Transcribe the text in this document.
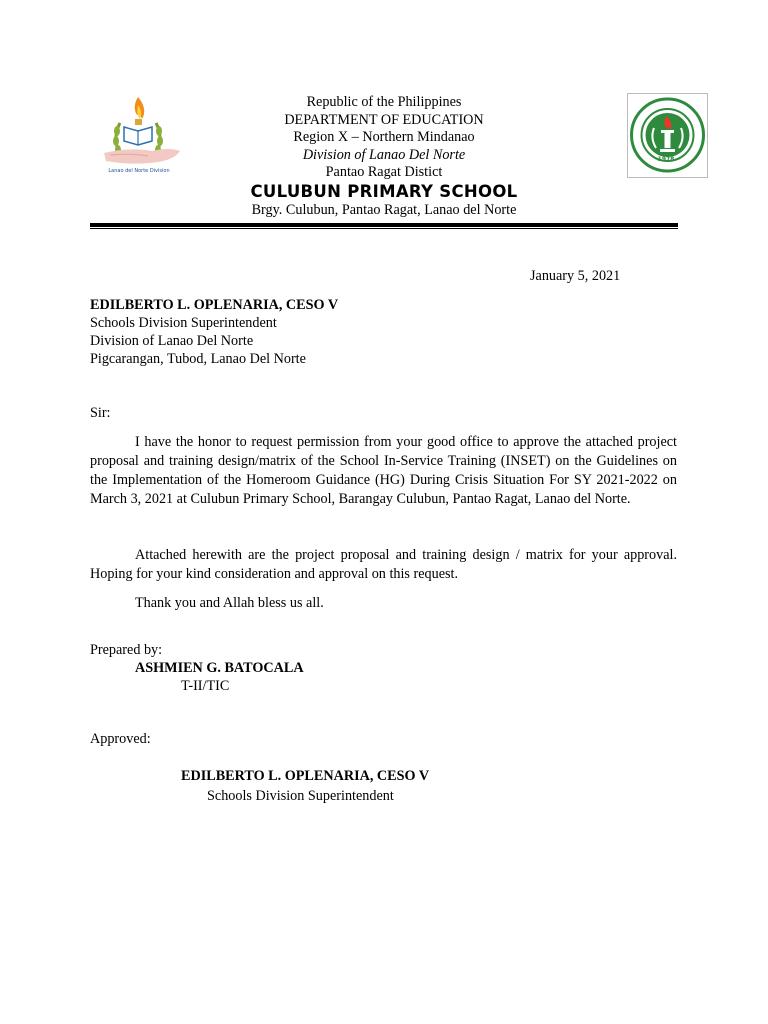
Lanao del Norte Division
1978
Republic of the Philippines
DEPARTMENT OF EDUCATION
Region X – Northern Mindanao
Division of Lanao Del Norte
Pantao Ragat Distict
CULUBUN PRIMARY SCHOOL
Brgy. Culubun, Pantao Ragat, Lanao del Norte
January 5, 2021
EDILBERTO L. OPLENARIA, CESO V
Schools Division Superintendent
Division of Lanao Del Norte
Pigcarangan, Tubod, Lanao Del Norte
Sir:
I have the honor to request permission from your good office to approve the attached project proposal and training design/matrix of the School In-Service Training (INSET) on the Guidelines on the Implementation of the Homeroom Guidance (HG) During Crisis Situation For SY 2021-2022 on March 3, 2021 at Culubun Primary School, Barangay Culubun, Pantao Ragat, Lanao del Norte.
Attached herewith are the project proposal and training design / matrix for your approval. Hoping for your kind consideration and approval on this request.
Thank you and Allah bless us all.
Prepared by:
ASHMIEN G. BATOCALA
T-II/TIC
Approved:
EDILBERTO L. OPLENARIA, CESO V
Schools Division Superintendent
